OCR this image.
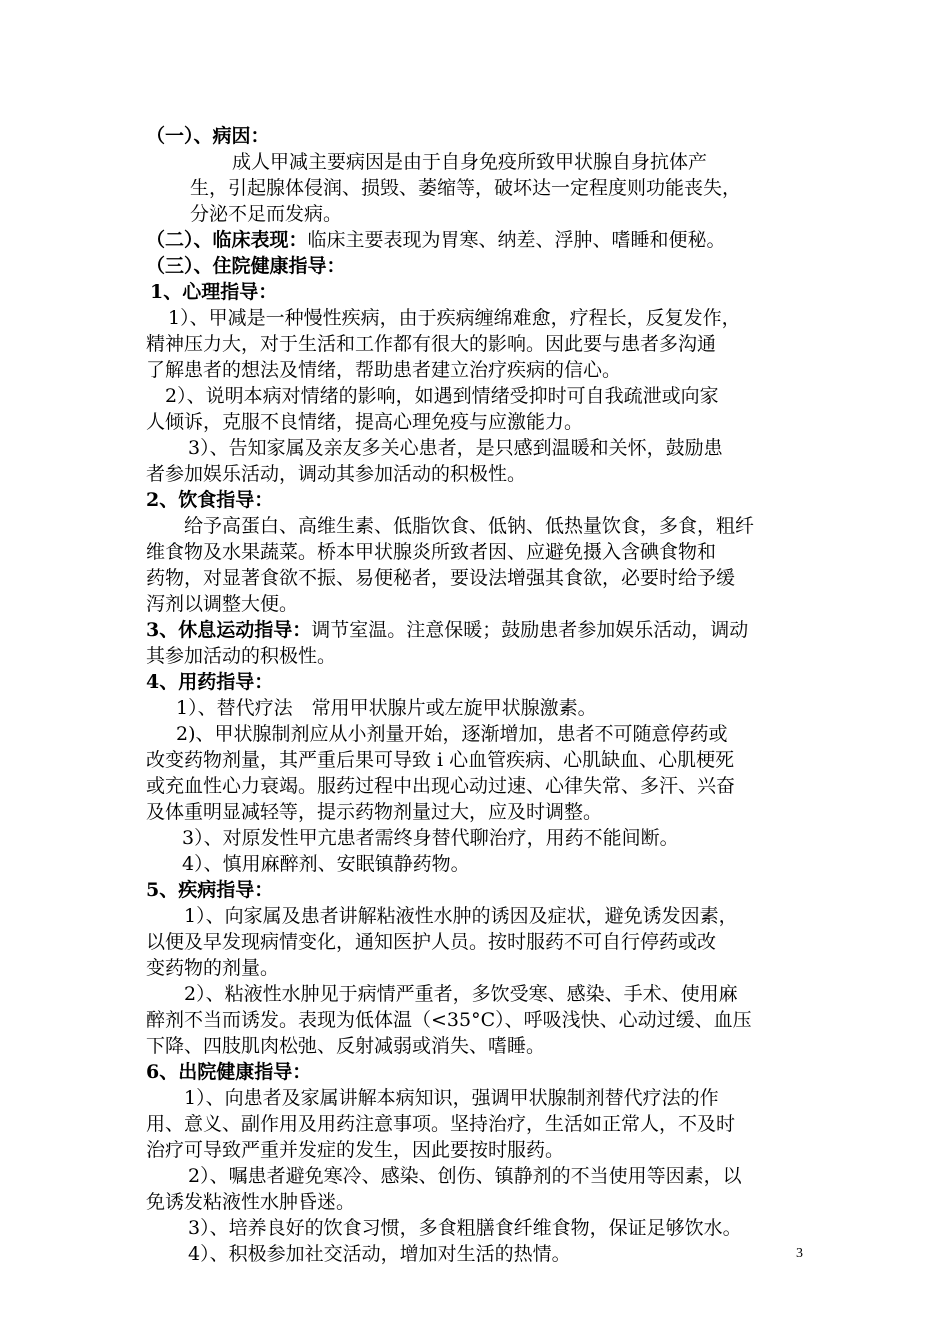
（一）、病因：
成人甲减主要病因是由于自身免疫所致甲状腺自身抗体产
生，引起腺体侵润、损毁、萎缩等，破坏达一定程度则功能丧失，
分泌不足而发病。
（二）、临床表现：临床主要表现为胃寒、纳差、浮肿、嗜睡和便秘。
（三）、住院健康指导：
1、心理指导：
1）、甲减是一种慢性疾病，由于疾病缠绵难愈，疗程长，反复发作，
精神压力大，对于生活和工作都有很大的影响。因此要与患者多沟通
了解患者的想法及情绪，帮助患者建立治疗疾病的信心。
2）、说明本病对情绪的影响，如遇到情绪受抑时可自我疏泄或向家
人倾诉，克服不良情绪，提高心理免疫与应激能力。
3）、告知家属及亲友多关心患者，是只感到温暖和关怀，鼓励患
者参加娱乐活动，调动其参加活动的积极性。
2、饮食指导：
给予高蛋白、高维生素、低脂饮食、低钠、低热量饮食，多食，粗纤
维食物及水果蔬菜。桥本甲状腺炎所致者因、应避免摄入含碘食物和
药物，对显著食欲不振、易便秘者，要设法增强其食欲，必要时给予缓
泻剂以调整大便。
3、休息运动指导：调节室温。注意保暖；鼓励患者参加娱乐活动，调动
其参加活动的积极性。
4、用药指导：
1）、替代疗法　常用甲状腺片或左旋甲状腺激素。
2)、甲状腺制剂应从小剂量开始，逐渐增加，患者不可随意停药或
改变药物剂量，其严重后果可导致 i 心血管疾病、心肌缺血、心肌梗死
或充血性心力衰竭。服药过程中出现心动过速、心律失常、多汗、兴奋
及体重明显减轻等，提示药物剂量过大，应及时调整。
3）、对原发性甲亢患者需终身替代聊治疗，用药不能间断。
4）、慎用麻醉剂、安眠镇静药物。
5、疾病指导：
1）、向家属及患者讲解粘液性水肿的诱因及症状，避免诱发因素，
以便及早发现病情变化，通知医护人员。按时服药不可自行停药或改
变药物的剂量。
2）、粘液性水肿见于病情严重者，多饮受寒、感染、手术、使用麻
醉剂不当而诱发。表现为低体温（<35°C）、呼吸浅快、心动过缓、血压
下降、四肢肌肉松弛、反射减弱或消失、嗜睡。
6、出院健康指导：
1）、向患者及家属讲解本病知识，强调甲状腺制剂替代疗法的作
用、意义、副作用及用药注意事项。坚持治疗，生活如正常人，不及时
治疗可导致严重并发症的发生，因此要按时服药。
2）、嘱患者避免寒冷、感染、创伤、镇静剂的不当使用等因素，以
免诱发粘液性水肿昏迷。
3）、培养良好的饮食习惯，多食粗膳食纤维食物，保证足够饮水。
4）、积极参加社交活动，增加对生活的热情。	3
